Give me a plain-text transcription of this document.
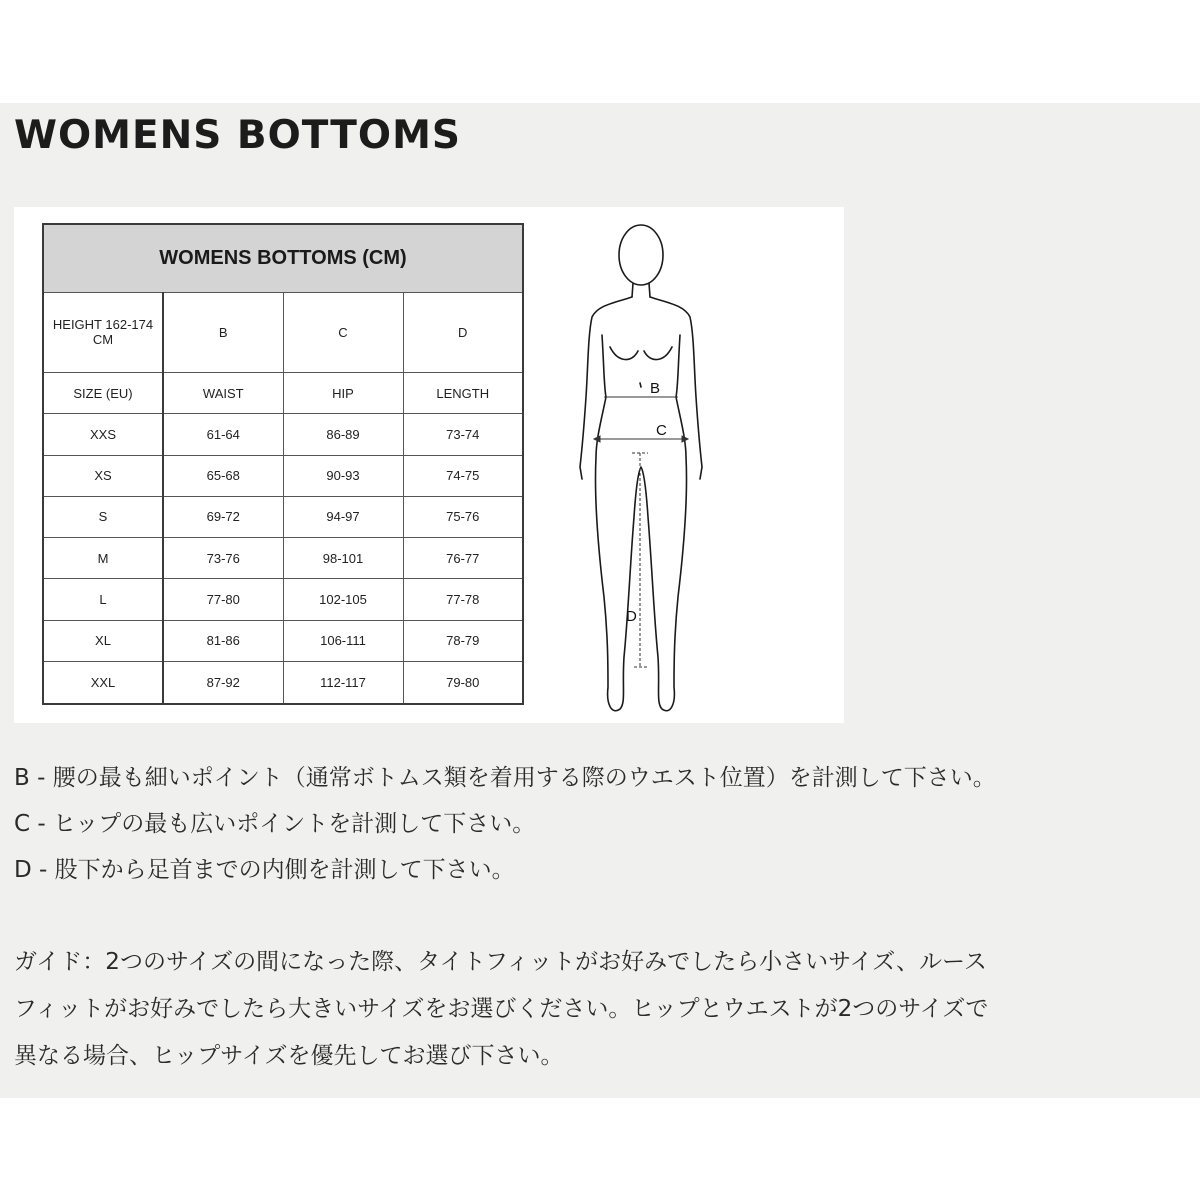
WOMENS BOTTOMS
WOMENS BOTTOMS (CM)			
HEIGHT 162-174 CM	B	C	D
SIZE (EU)	WAIST	HIP	LENGTH
XXS	61-64	86-89	73-74
XS	65-68	90-93	74-75
S	69-72	94-97	75-76
M	73-76	98-101	76-77
L	77-80	102-105	77-78
XL	81-86	106-111	78-79
XXL	87-92	112-117	79-80
B
C
D

B - 腰の最も細いポイント（通常ボトムス類を着用する際のウエスト位置）を計測して下さい。

C - ヒップの最も広いポイントを計測して下さい。

D - 股下から足首までの内側を計測して下さい。

ガイド：2つのサイズの間になった際、タイトフィットがお好みでしたら小さいサイズ、ルース

フィットがお好みでしたら大きいサイズをお選びください。ヒップとウエストが2つのサイズで

異なる場合、ヒップサイズを優先してお選び下さい。
